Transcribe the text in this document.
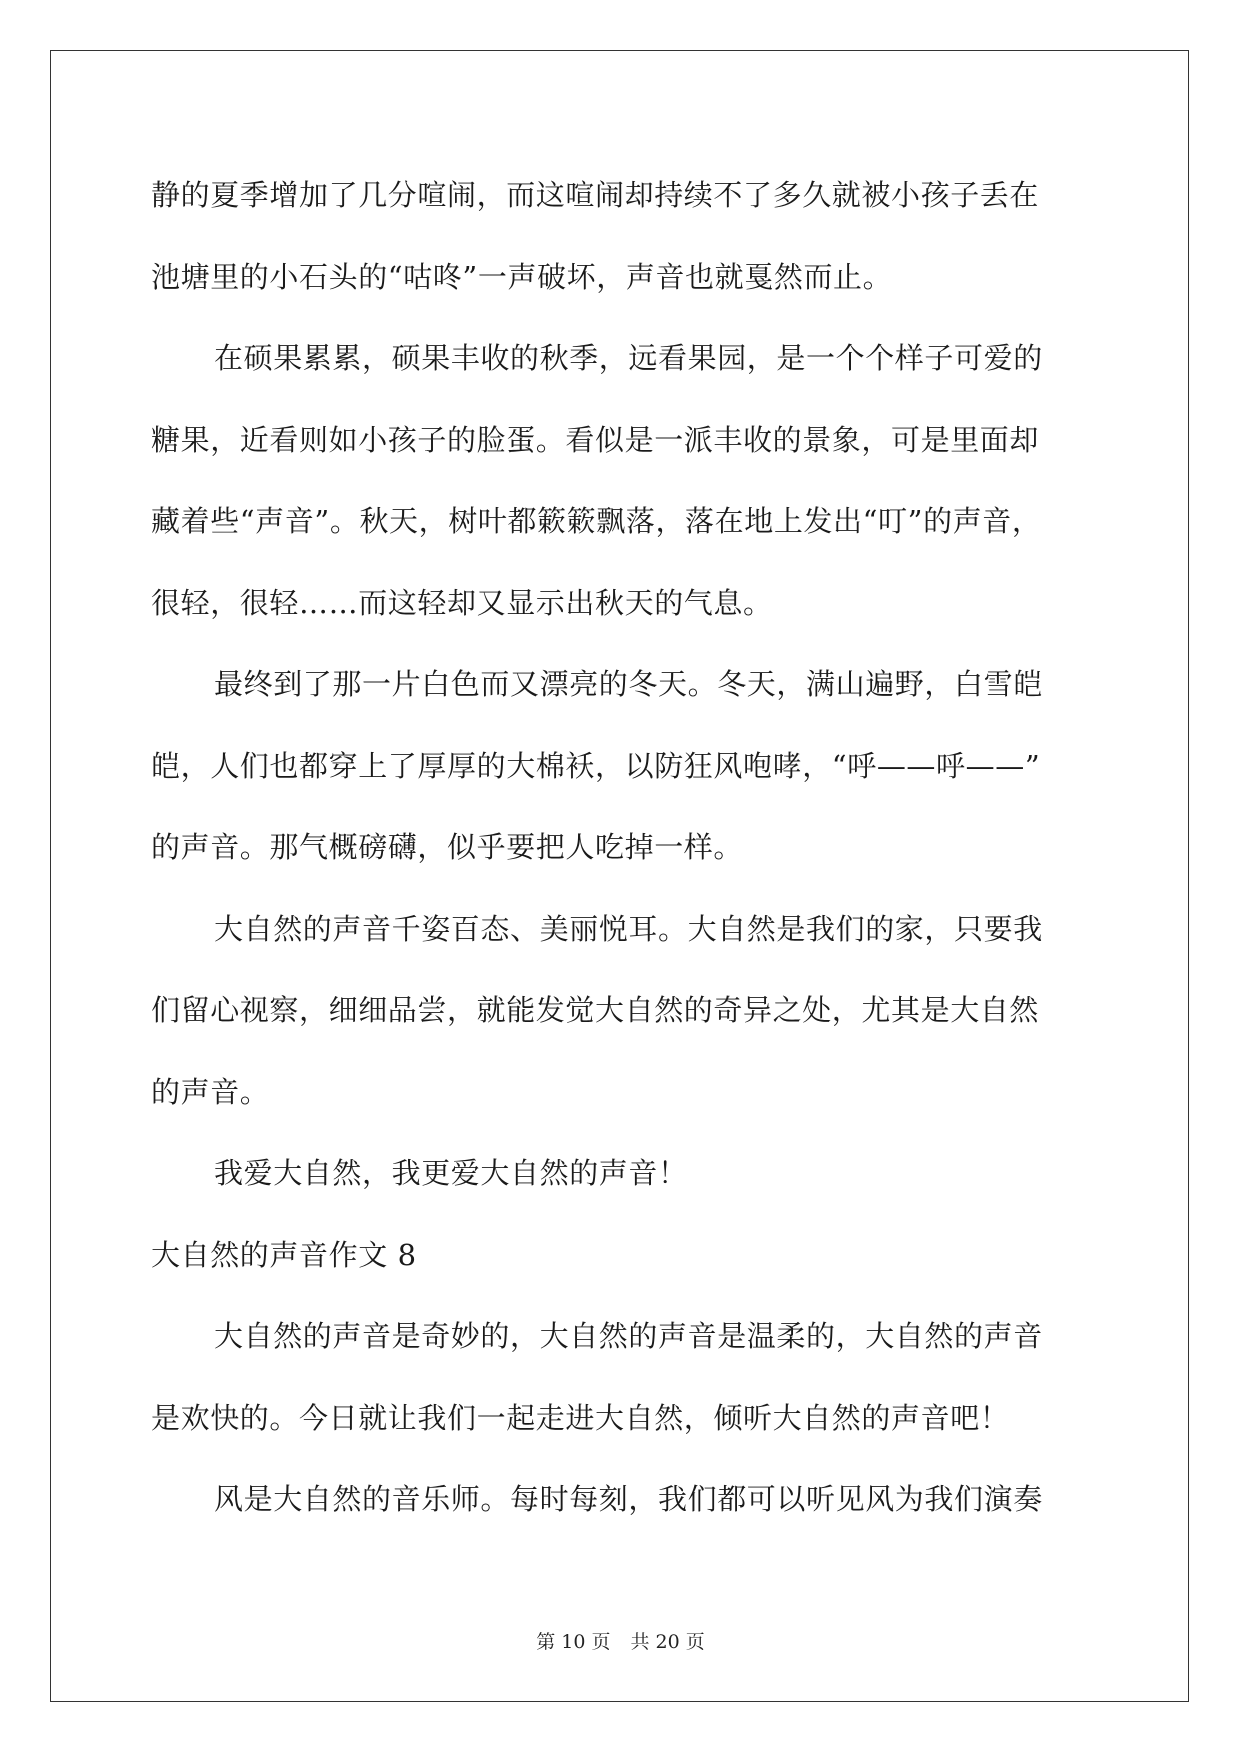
静的夏季增加了几分喧闹，而这喧闹却持续不了多久就被小孩子丢在
池塘里的小石头的“咕咚”一声破坏，声音也就戛然而止。
在硕果累累，硕果丰收的秋季，远看果园，是一个个样子可爱的
糖果，近看则如小孩子的脸蛋。看似是一派丰收的景象，可是里面却
藏着些“声音”。秋天，树叶都簌簌飘落，落在地上发出“叮”的声音，
很轻，很轻……而这轻却又显示出秋天的气息。
最终到了那一片白色而又漂亮的冬天。冬天，满山遍野，白雪皑
皑，人们也都穿上了厚厚的大棉袄，以防狂风咆哮，“呼——呼——”
的声音。那气概磅礴，似乎要把人吃掉一样。
大自然的声音千姿百态、美丽悦耳。大自然是我们的家，只要我
们留心视察，细细品尝，就能发觉大自然的奇异之处，尤其是大自然
的声音。
我爱大自然，我更爱大自然的声音！
大自然的声音作文 8
大自然的声音是奇妙的，大自然的声音是温柔的，大自然的声音
是欢快的。今日就让我们一起走进大自然，倾听大自然的声音吧！
风是大自然的音乐师。每时每刻，我们都可以听见风为我们演奏
第 10 页 共 20 页
